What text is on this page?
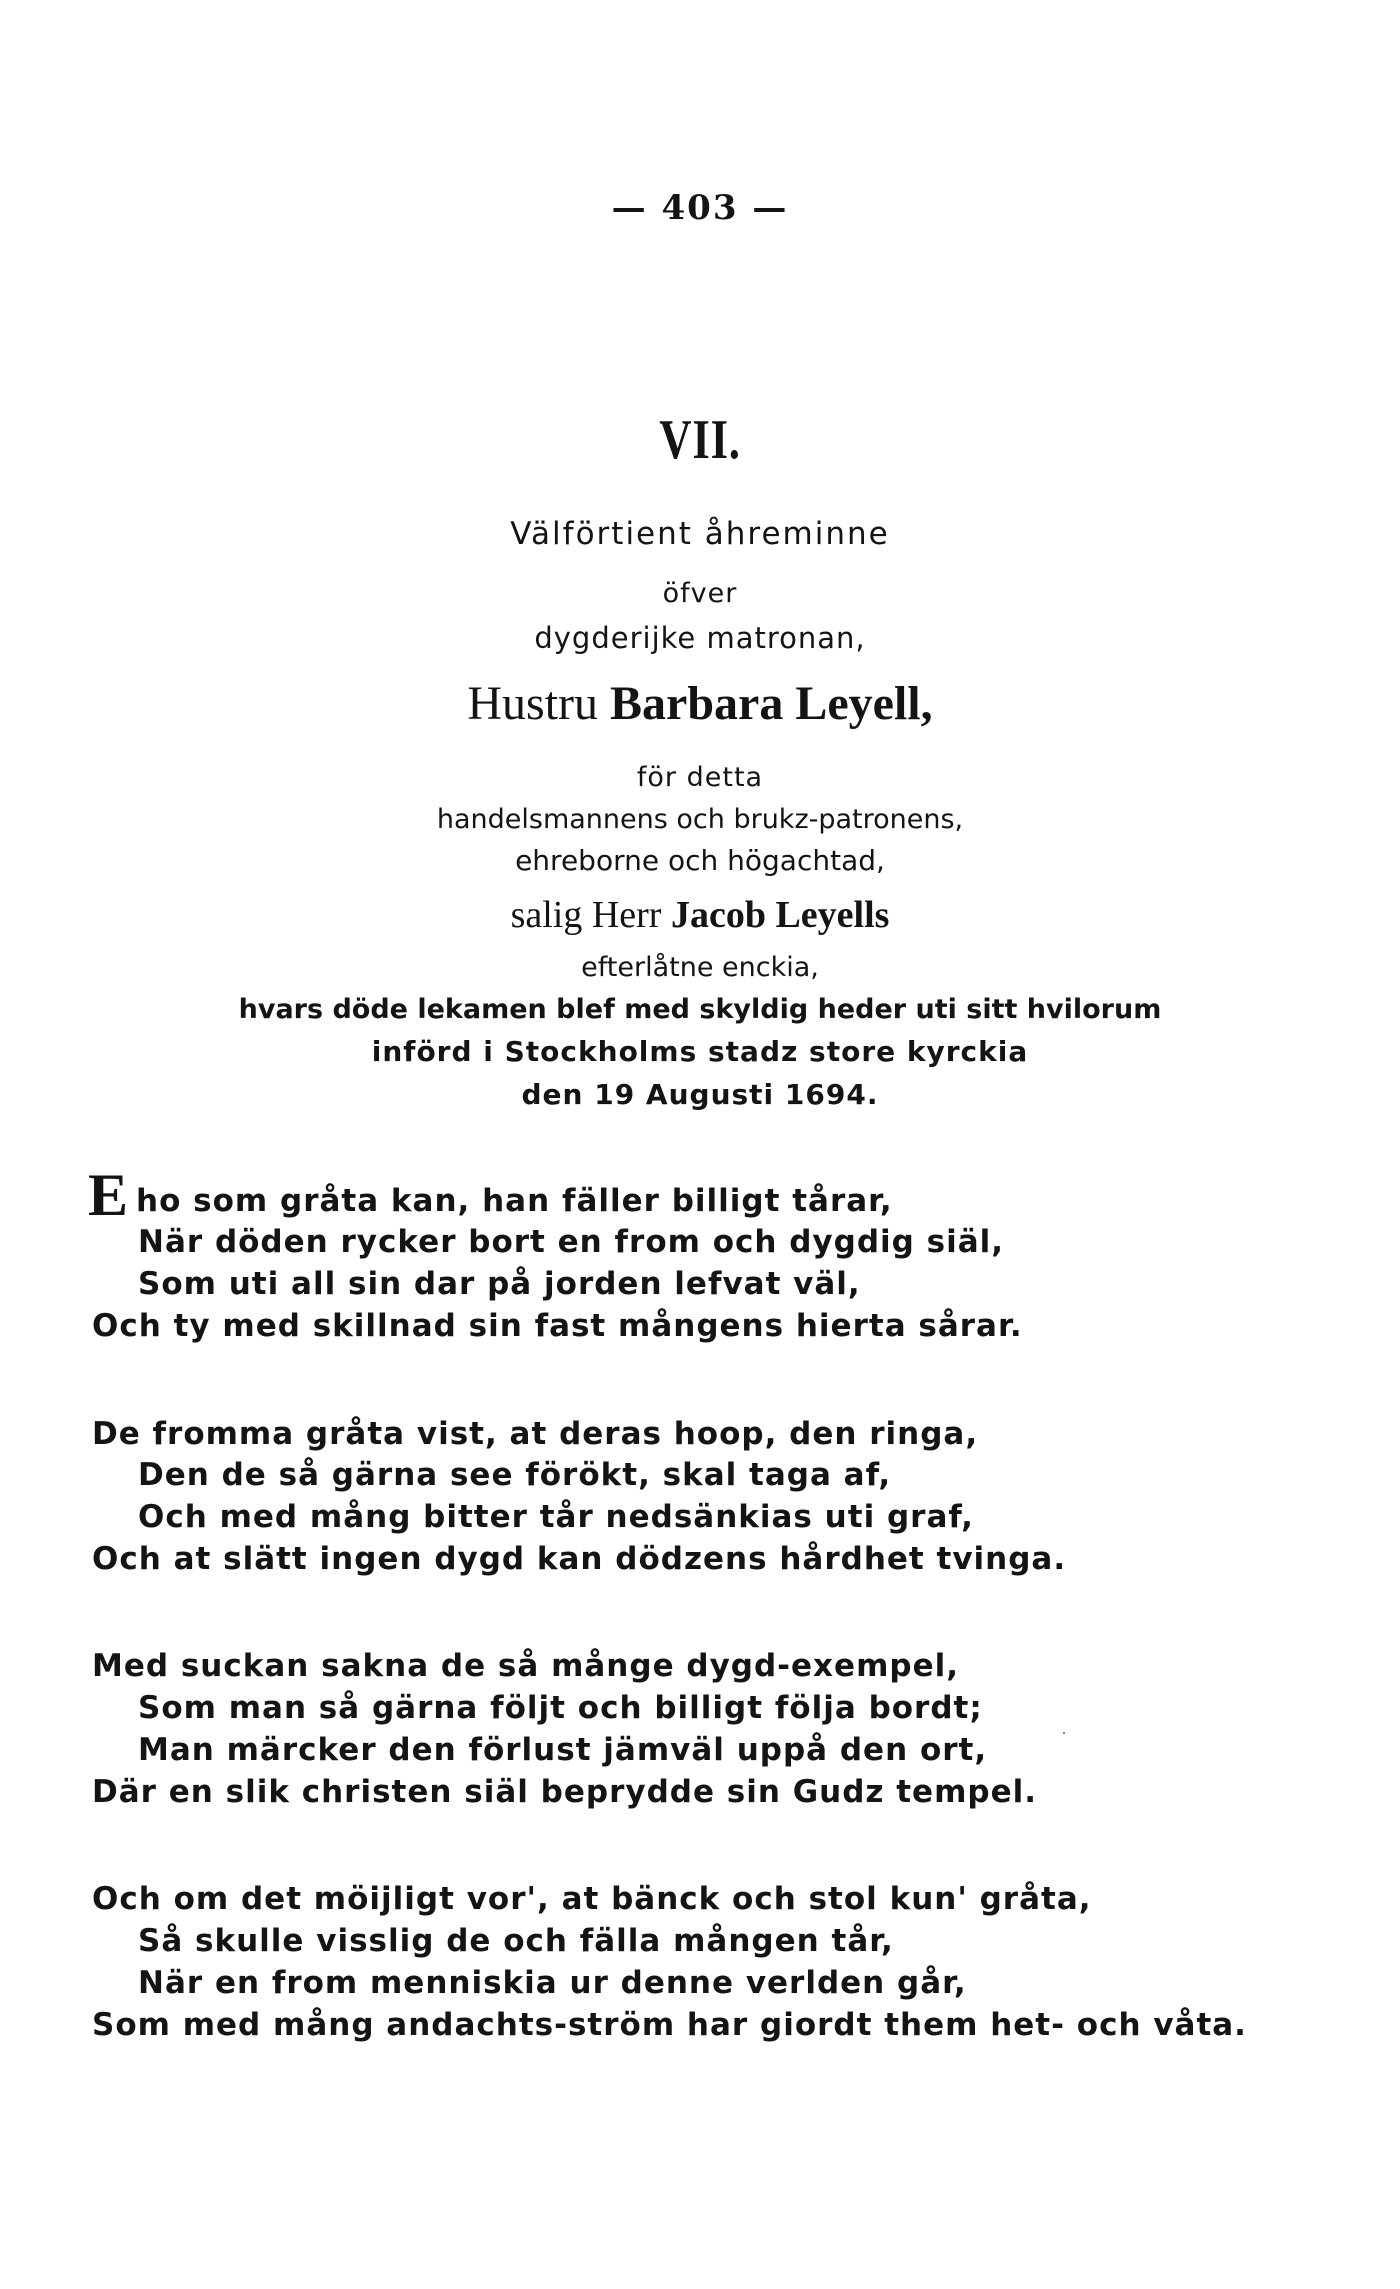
— 403 —
VII.
Välförtient åhreminne
öfver
dygderijke matronan,
Hustru Barbara Leyell,
för detta
handelsmannens och brukz-patronens,
ehreborne och högachtad,
salig Herr Jacob Leyells
efterlåtne enckia,
hvars döde lekamen blef med skyldig heder uti sitt hvilorum
införd i Stockholms stadz store kyrckia
den 19 Augusti 1694.
E ho som gråta kan, han fäller billigt tårar,
När döden rycker bort en from och dygdig siäl,
Som uti all sin dar på jorden lefvat väl,
Och ty med skillnad sin fast mångens hierta sårar.
De fromma gråta vist, at deras hoop, den ringa,
Den de så gärna see förökt, skal taga af,
Och med mång bitter tår nedsänkias uti graf,
Och at slätt ingen dygd kan dödzens hårdhet tvinga.
Med suckan sakna de så månge dygd-exempel,
Som man så gärna följt och billigt följa bordt;
Man märcker den förlust jämväl uppå den ort,
Där en slik christen siäl beprydde sin Gudz tempel.
Och om det möijligt vor', at bänck och stol kun' gråta,
Så skulle visslig de och fälla mången tår,
När en from menniskia ur denne verlden går,
Som med mång andachts-ström har giordt them het- och våta.
